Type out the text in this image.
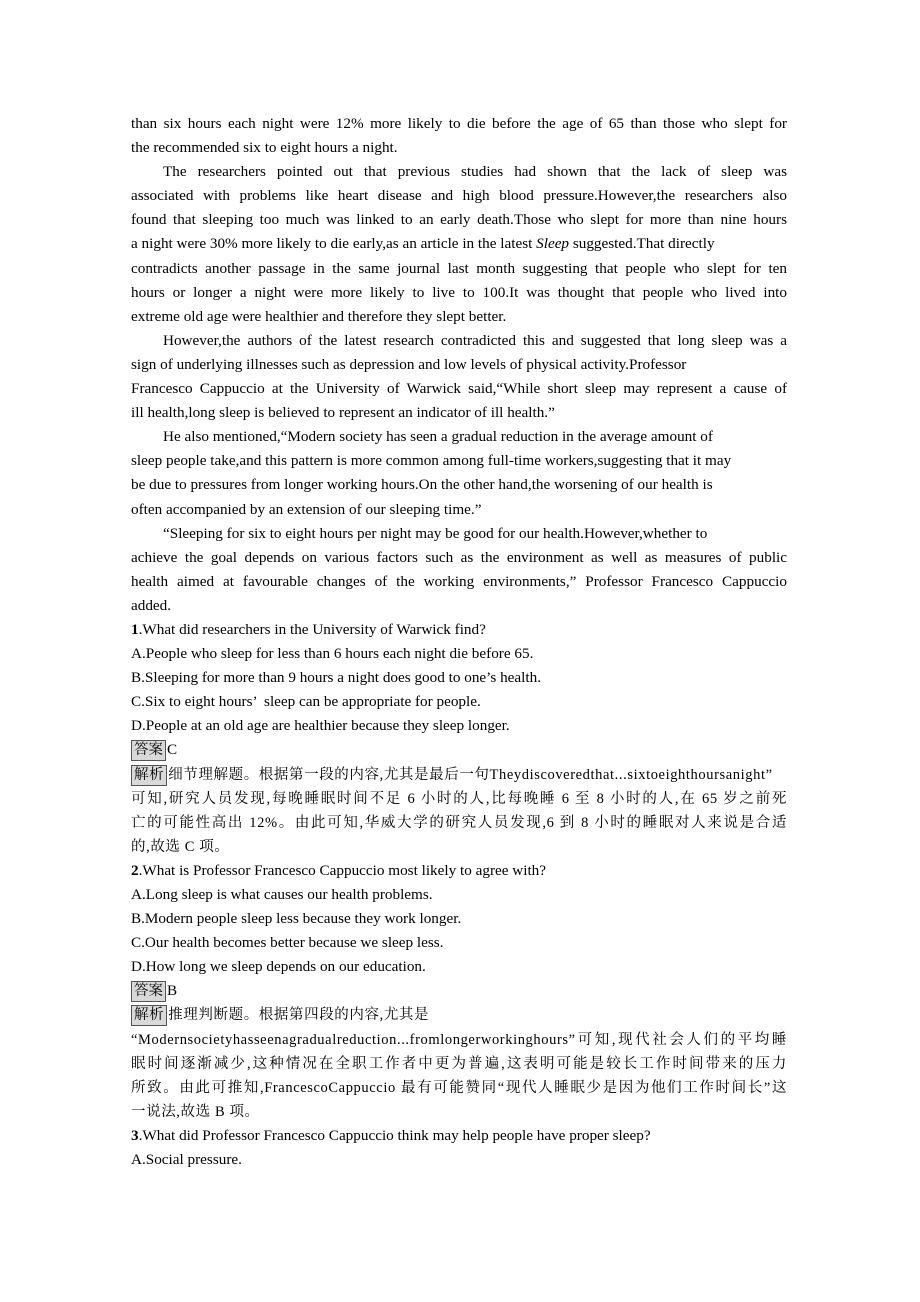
than six hours each night were 12% more likely to die before the age of 65 than those who slept for
the recommended six to eight hours a night.
The researchers pointed out that previous studies had shown that the lack of sleep was
associated with problems like heart disease and high blood pressure.However,the researchers also
found that sleeping too much was linked to an early death.Those who slept for more than nine hours
a night were 30% more likely to die early,as an article in the latest Sleep suggested.That directly
contradicts another passage in the same journal last month suggesting that people who slept for ten
hours or longer a night were more likely to live to 100.It was thought that people who lived into
extreme old age were healthier and therefore they slept better.
However,the authors of the latest research contradicted this and suggested that long sleep was a
sign of underlying illnesses such as depression and low levels of physical activity.Professor
Francesco Cappuccio at the University of Warwick said,“While short sleep may represent a cause of
ill health,long sleep is believed to represent an indicator of ill health.”
He also mentioned,“Modern society has seen a gradual reduction in the average amount of
sleep people take,and this pattern is more common among full-time workers,suggesting that it may
be due to pressures from longer working hours.On the other hand,the worsening of our health is
often accompanied by an extension of our sleeping time.”
“Sleeping for six to eight hours per night may be good for our health.However,whether to
achieve the goal depends on various factors such as the environment as well as measures of public
health aimed at favourable changes of the working environments,” Professor Francesco Cappuccio
added.
1.What did researchers in the University of Warwick find?
A.People who sleep for less than 6 hours each night die before 65.
B.Sleeping for more than 9 hours a night does good to one’s health.
C.Six to eight hours’  sleep can be appropriate for people.
D.People at an old age are healthier because they sleep longer.
答案 C
解析 细节理解题。根据第一段的内容,尤其是最后一句Theydiscoveredthat...sixtoeighthoursanight”
可知,研究人员发现,每晚睡眠时间不足 6 小时的人,比每晚睡 6 至 8 小时的人,在 65 岁之前死
亡的可能性高出 12%。由此可知,华威大学的研究人员发现,6 到 8 小时的睡眠对人来说是合适
的,故选 C 项。
2.What is Professor Francesco Cappuccio most likely to agree with?
A.Long sleep is what causes our health problems.
B.Modern people sleep less because they work longer.
C.Our health becomes better because we sleep less.
D.How long we sleep depends on our education.
答案 B
解析 推理判断题。根据第四段的内容,尤其是
“Modernsocietyhasseenagradualreduction...fromlongerworkinghours”可知,现代社会人们的平均睡
眠时间逐渐减少,这种情况在全职工作者中更为普遍,这表明可能是较长工作时间带来的压力
所致。由此可推知,FrancescoCappuccio 最有可能赞同“现代人睡眠少是因为他们工作时间长”这
一说法,故选 B 项。
3.What did Professor Francesco Cappuccio think may help people have proper sleep?
A.Social pressure.
